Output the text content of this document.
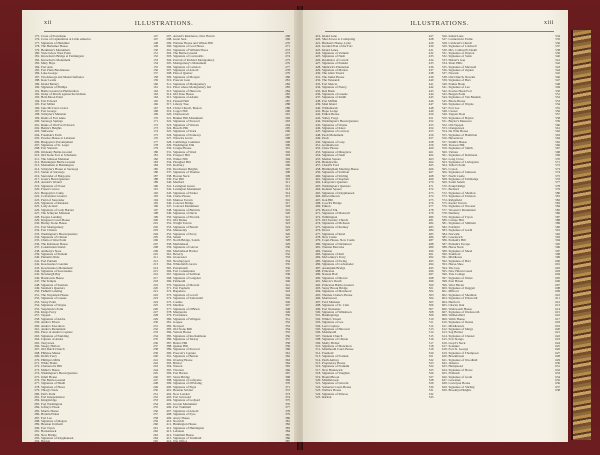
xii	ILLUSTRATIONS.
175. Cross of Powelique	147
176. Cross of Capitulation at Little America	147
177. Signature of Herkimer	148
178. The Herkimer House	149
179. Herkimer's Monument	150
180. View below West Point	151
181. Knowlton's Bridge at Farmington	152
182. Knowlton's Monument	153
183. Mary Hays	154
184. Fort Ann	155
185. Fort Plain Blockhouse	156
186. Lake George	157
187. Ticonderoga and Mount Defiance	158
188. Isaac Leslie	159
189. Island Battery	160
190. Signature of Phillips	161
191. Battle-Ground at Hubbardton	162
192. Order of March against the Indians	163
193. Half-Moon Point	164
194. Fort Edward	165
195. Fort Miller	166
196. Jane McCrea's Grave	167
197. Fort George	168
198. Schuyler's Mansion	169
199. Ruins of Fort Anne	170
200. Saratoga Springs	171
201. Ruins of Old Fort Edward	172
202. Bemis's Heights	173
203. Stillwater	174
204. Freeman's Farm	175
205. Powder-House at Lebanon	176
206. Burgoyne's Encampment	177
207. Signature of St. Leger	178
208. Fort Stanwix	179
209. Oriskany Battle-Ground	180
210. Old Stone Fort at Schoharie	181
211. The Johnson Mansion	182
212. Bennington Battle-Ground	183
213. Monument at Bennington	184
214. Schuyler's House at Saratoga	185
215. Statue of Saratoga	186
216. Surrender of Burgoyne	187
217. Gates's Head-Quarters	188
218. Arnold's Wound	189
219. Signature of Fraser	190
220. Fraser's Grave	191
221. Burgoyne's Camp	192
222. Convention Ground	193
223. Field of Surrender	194
224. Signature of Riedesel	195
225. Lady Acland	196
226. Signature of Lady Harriet	197
227. The Schuyler Mansion	198
228. Esopus Landing	199
229. Kingston Court-House	200
230. Hurley Stone House	201
231. Fort Montgomery	202
232. Fort Clinton	203
233. Washington's Head-Quarters	204
234. Signature of Clinton	205
235. Chain at West Point	206
236. The Robinson House	207
237. Constitution Island	208
238. Anthony's Nose	209
239. Signature of Putnam	210
240. Putnam's Ride	211
241. Fort Putnam	212
242. Kosciuszko's Garden	213
243. Kosciuszko's Monument	214
244. Signature of Kosciuszko	215
245. Newburgh Bay	216
246. Hasbrouck House	217
247. The Temple	218
248. Signature of Steuben	219
249. Steuben's Quarters	220
250. Fishkill Landing	221
251. The Verplanck House	222
252. Signature of Greene	223
253. Stony Point	224
254. Signature of Wayne	225
255. Verplanck's Point	226
256. Kings Ferry	227
257. Tappan	228
258. Signature of Andre	229
259. Andre's Prison	230
260. Andre's Execution	231
261. Andre's Monument	232
262. Place of Andre's Capture	233
263. Signature of Paulding	234
264. Capture of Andre	235
265. Tarrytown	236
266. Sleepy Hollow	237
267. Old Dutch Church	238
268. Philipse Manor	239
269. Dobbs Ferry	240
270. Phillips's Mills	241
271. White Plains	242
272. Chatterton's Hill	243
273. Miller's House	244
274. Washington's Head-Quarters	245
275. Odell House	246
276. The Battle-Ground	247
277. Signature of Heath	248
278. Signature of Howe	249
279. Throg's Neck	250
280. Pell's Point	251
281. Fort Independence	252
282. Kingsbridge	253
283. Fort Washington	254
284. Jeffrey's Hook	255
285. Morris House	256
286. Harlem Plains	257
287. Fort Lee	258
288. Signature of Magaw	259
289. Hessian Uniform	260
290. Fort Tryon	261
291. Hackensack	262
292. New Bridge	263
293. Signature of Knyphausen	264
294. Bergen	265
295. Elizabethtown	266
296. Springfield	267
297. Arnold's Residence, New Haven	268
298. Great Seal	269
299. Webster House and Wilkes Hill	270
300. Signature of Lord Howe	271
301. Signature of William Howe	272
302. The Battle-Ground	273
303. Signature of Cornwallis	274
304. Portrait of Richard Montgomery	275
305. Montgomery's Monument	276
306. Signature of Carleton	277
307. Signature of Arnold	278
308. Plan of Quebec	279
309. Signature of Morgan	280
310. Prescott Gate	281
311. Signature of Montgomery	282
312. Place where Montgomery fell	283
313. Signature of Hancock	284
314. Old State House	285
315. Signature of Adams	286
316. Faneuil Hall	287
317. Liberty Tree	288
318. Christ Church, Boston	289
319. Copp's Hill	290
320. Charlestown	291
321. Bunker Hill Monument	292
322. Signature of Prescott	293
323. Signature of Warren	294
324. Breed's Hill	295
325. Signature of Stark	296
326. Signature of Pomeroy	297
327. Warren's Grave	298
328. Cambridge Common	299
329. Washington Elm	300
330. Craigie House	301
331. Signature of Ward	302
332. Prospect Hill	303
333. Winter Hill	304
334. Ploughed Hill	305
335. Roxbury	306
336. Dorchester Heights	307
337. Signature of Thomas	308
338. Boston Neck	309
339. Fort Hill	310
340. Medford	311
341. Lexington Green	312
342. Lexington Monument	313
343. Signature of Parker	314
344. Clarke House	315
345. Munroe Tavern	316
346. Concord Bridge	317
347. Concord Monument	318
348. Signature of Buttrick	319
349. Signature of Davis	320
350. Signature of Pitcairn	321
351. Old Manse	322
352. Wright Tavern	323
353. Signature of Barrett	324
354. Menotomy	325
355. Signature of Percy	326
356. Salem	327
357. North Bridge, Salem	328
358. Marblehead	329
359. Signature of Glover	330
360. Marblehead Harbor	331
361. Beverly	332
362. Gloucester	333
363. Newburyport	334
364. Whitefield's Grave	335
365. Portsmouth	336
366. Fort Constitution	337
367. Signature of Sullivan	338
368. Signature of Langdon	339
369. Falmouth	340
370. Signature of Mowatt	341
371. Fort Popham	342
372. Bagaduce	343
373. Signature of Lovell	344
374. Signature of Saltonstall	345
375. Castine	346
376. Machias	347
377. Signature of O'Brien	348
378. Margaretta	349
379. Providence	350
380. Signature of Whipple	351
381. Gaspee	352
382. Newport	353
383. Old Stone Mill	354
384. Vernon House	355
385. Signature of Rochambeau	356
386. Signature of Ternay	357
387. Butts's Hill	358
388. Quaker Hill	359
389. Signature of Prescott	360
390. Prescott's Capture	361
391. Signature of Barton	362
392. Overing House	363
393. Bristol	364
394. Warren	365
395. Tiverton	366
396. Fort Barton	367
397. Stone Bridge	368
398. Signature of Lafayette	369
399. Signature of D'Estaing	370
400. Signature of Pigot	371
401. Hessian Soldier	372
402. New London	373
403. Fort Griswold	374
404. Signature of Ledyard	375
405. Groton Monument	376
406. Fort Trumbull	377
407. Signature of Arnold	378
408. Signature of Eyre	379
409. Avery House	380
410. Norwich	381
411. Huntington House	382
412. Signature of Huntington	383
413. Lebanon	384
414. Trumbull House	385
415. Signature of Trumbull	386
416. War Office	387
417. Windham	388
418. Signature of Knowlton	389
ILLUSTRATIONS.	xiii
419. Island Lane	427
420. Shot-Tower at Coldspring	428
421. Hudson's House, Lynn	429
422. Ground Plan of the Fort	430
423. Island Lanes	431
424. Signature of Varnum	432
425. Signature of Nash	433
426. Residence of Carroll	434
427. Signature of Pulaski	435
428. Shubrick's Plantation	436
429. Signature of Marion	437
430. The Allen Tavern	438
431. The Jumel House	439
432. The Vanzandt	440
433. Fort Mercer	441
434. Signature of Fleury	442
435. Red Bank	443
436. Signature of Greene	444
437. Signature of Smith	445
438. Fort Mifflin	446
439. Mud Island	447
440. Whitemarsh	448
441. Hope Lodge	449
442. Emlen House	450
443. Valley Forge	451
444. Washington's Head-Quarters	452
445. Signature of Wayne	453
446. Signature of Knox	454
447. Signature of Conway	455
448. Paoli Monument	456
449. Paoli	457
450. Signature of Grey	458
451. Germantown	459
452. Chew House	460
453. Signature of Musgrave	461
454. Signature of Nash	462
455. Market Square	463
456. Brandywine	464
457. Chadd's Ford	465
458. Birmingham Meeting-House	466
459. Signature of Sullivan	467
460. Signature of Stirling	468
461. Signature of Stephen	469
462. Lafayette's Quarters	470
463. Washington's Quarters	471
464. Kennett Square	472
465. Signature of Knyphausen	473
466. Dilworthtown	474
467. Iron Hill	475
468. Cooch's Bridge	476
469. Elkton	477
470. Head of Elk	478
471. Signature of Maxwell	479
472. Wilmington	480
473. Old Swedes' Church	481
474. Signature of McKean	482
475. Signature of Rodney	483
476. Dover	484
477. Signature of Read	485
478. New Castle	486
479. Court-House, New Castle	487
480. Signature of Dickinson	488
481. Trenton Barracks	489
482. Trenton	490
483. Signature of Rall	491
484. McConkey's Ferry	492
485. Signature of Ewing	493
486. Signature of Cadwalader	494
487. Assunpink Bridge	495
488. Princeton	496
489. Nassau Hall	497
490. Signature of Mercer	498
491. Mercer's Death	499
492. Princeton Battle-Ground	500
493. Stony Brook Bridge	501
494. Signature of Mawhood	502
495. Thomas Clarke's House	503
496. Morristown	504
497. Ford Mansion	505
498. Signature of St. Clair	506
499. Fort Nonsense	507
500. Signature of Wilkinson	508
501. Baskingridge	509
502. White's Tavern	510
503. Signature of Lee	511
504. Lee's Capture	512
505. Signature of Harcourt	513
506. Monmouth	514
507. Tennent Church	515
508. Signature of Clinton	516
509. Molly Pitcher	517
510. Signature of Monckton	518
511. Monmouth Court-House	519
512. Freehold	520
513. Signature of Forman	521
514. Perth Amboy	522
515. Proprietary House	523
516. Signature of Franklin	524
517. New Brunswick	525
518. Signature of Vaughan	526
519. Bound Brook	527
520. Middlebrook	528
521. Signature of Lincoln	529
522. Somerset Court-House	530
523. Wallace House	531
524. Signature of Simcoe	532
525. Raritan	533
526. Island Lane	534
527. Connecticut Farms	535
528. Caldwell's Church	536
529. Signature of Caldwell	537
530. Mrs. Caldwell's Death	538
531. Signature of Dayton	539
532. Signature of Stark	540
533. Hobart's Gap	541
534. Short Hills	542
535. Signature of Maxwell	543
536. Signature of Ogden	544
537. Newark	545
538. Old Church, Newark	546
539. Signature of Burr	547
540. Paulus Hook	548
541. Signature of Lee	549
542. Powles Hook Fort	550
543. Bergen Point	551
544. Signature of Van Buskirk	552
545. Block-House	553
546. Signature of Wayne	554
547. Fort Lee	555
548. Closter	556
549. Tappan Sloat	557
550. Signature of Baylor	558
551. Baylor's Massacre	559
552. Old Tappan	560
553. Orangetown	561
554. De Wint House	562
555. Signature of Hamilton	563
556. Haverstraw	564
557. Smith's House	565
558. Treason Hill	566
559. Signature of Smith	567
560. Vulture	568
561. Signature of Robinson	569
562. Long Clove	570
563. Signature of Livingston	571
564. Teller's Point	572
565. Croton	573
566. Signature of Jameson	574
567. North Castle	575
568. Signature of Tallmadge	576
569. South Salem	577
570. Pound Ridge	578
571. Bedford	579
572. Signature of Sheldon	580
573. Signature of Tarleton	581
574. Ridgefield	582
575. Keeler Tavern	583
576. Signature of Wooster	584
577. Wooster's Monument	585
578. Danbury	586
579. Signature of Tryon	587
580. Compo Hill	588
581. Signature of Silliman	589
582. Fairfield	590
583. Signature of Garth	591
584. Norwalk	592
585. Greenwich	593
586. Putnam's Hill	594
587. Putnam's Escape	595
588. Horse Neck	596
589. Signature of Mead	597
590. Stamford	598
591. Middlesex	599
592. Signature of Hart	600
593. Horse-Shoe	601
594. The Gap	602
595. New Haven Green	603
596. Yale College	604
597. Signature of Wales	605
598. East Haven	606
599. West Haven	607
600. Signature of Daggett	608
601. Milford	609
602. Signature of Sherman	610
603. Signature of Ellsworth	611
604. Hartford	612
605. Charter Oak	613
606. Wadsworth House	614
607. Signature of Wadsworth	615
608. Wethersfield	616
609. Webb House	617
610. Signature of Deane	618
611. Middletown	619
612. Signature of Meigs	620
613. Sag Harbor	621
614. Signature of Chester	622
615. Fort Slongo	623
616. Lloyd's Neck	624
617. Setauket	625
618. Fort St. George	626
619. Signature of Thompson	627
620. Brookhaven	628
621. Signature of Woodhull	629
622. Jamaica	630
623. Hempstead	631
624. Signature of Howe	632
625. Flatbush	633
626. Signature of Grant	634
627. Gowanus	635
628. Cortelyou House	636
629. Signature of Stirling	637
630. Brooklyn Heights	638
